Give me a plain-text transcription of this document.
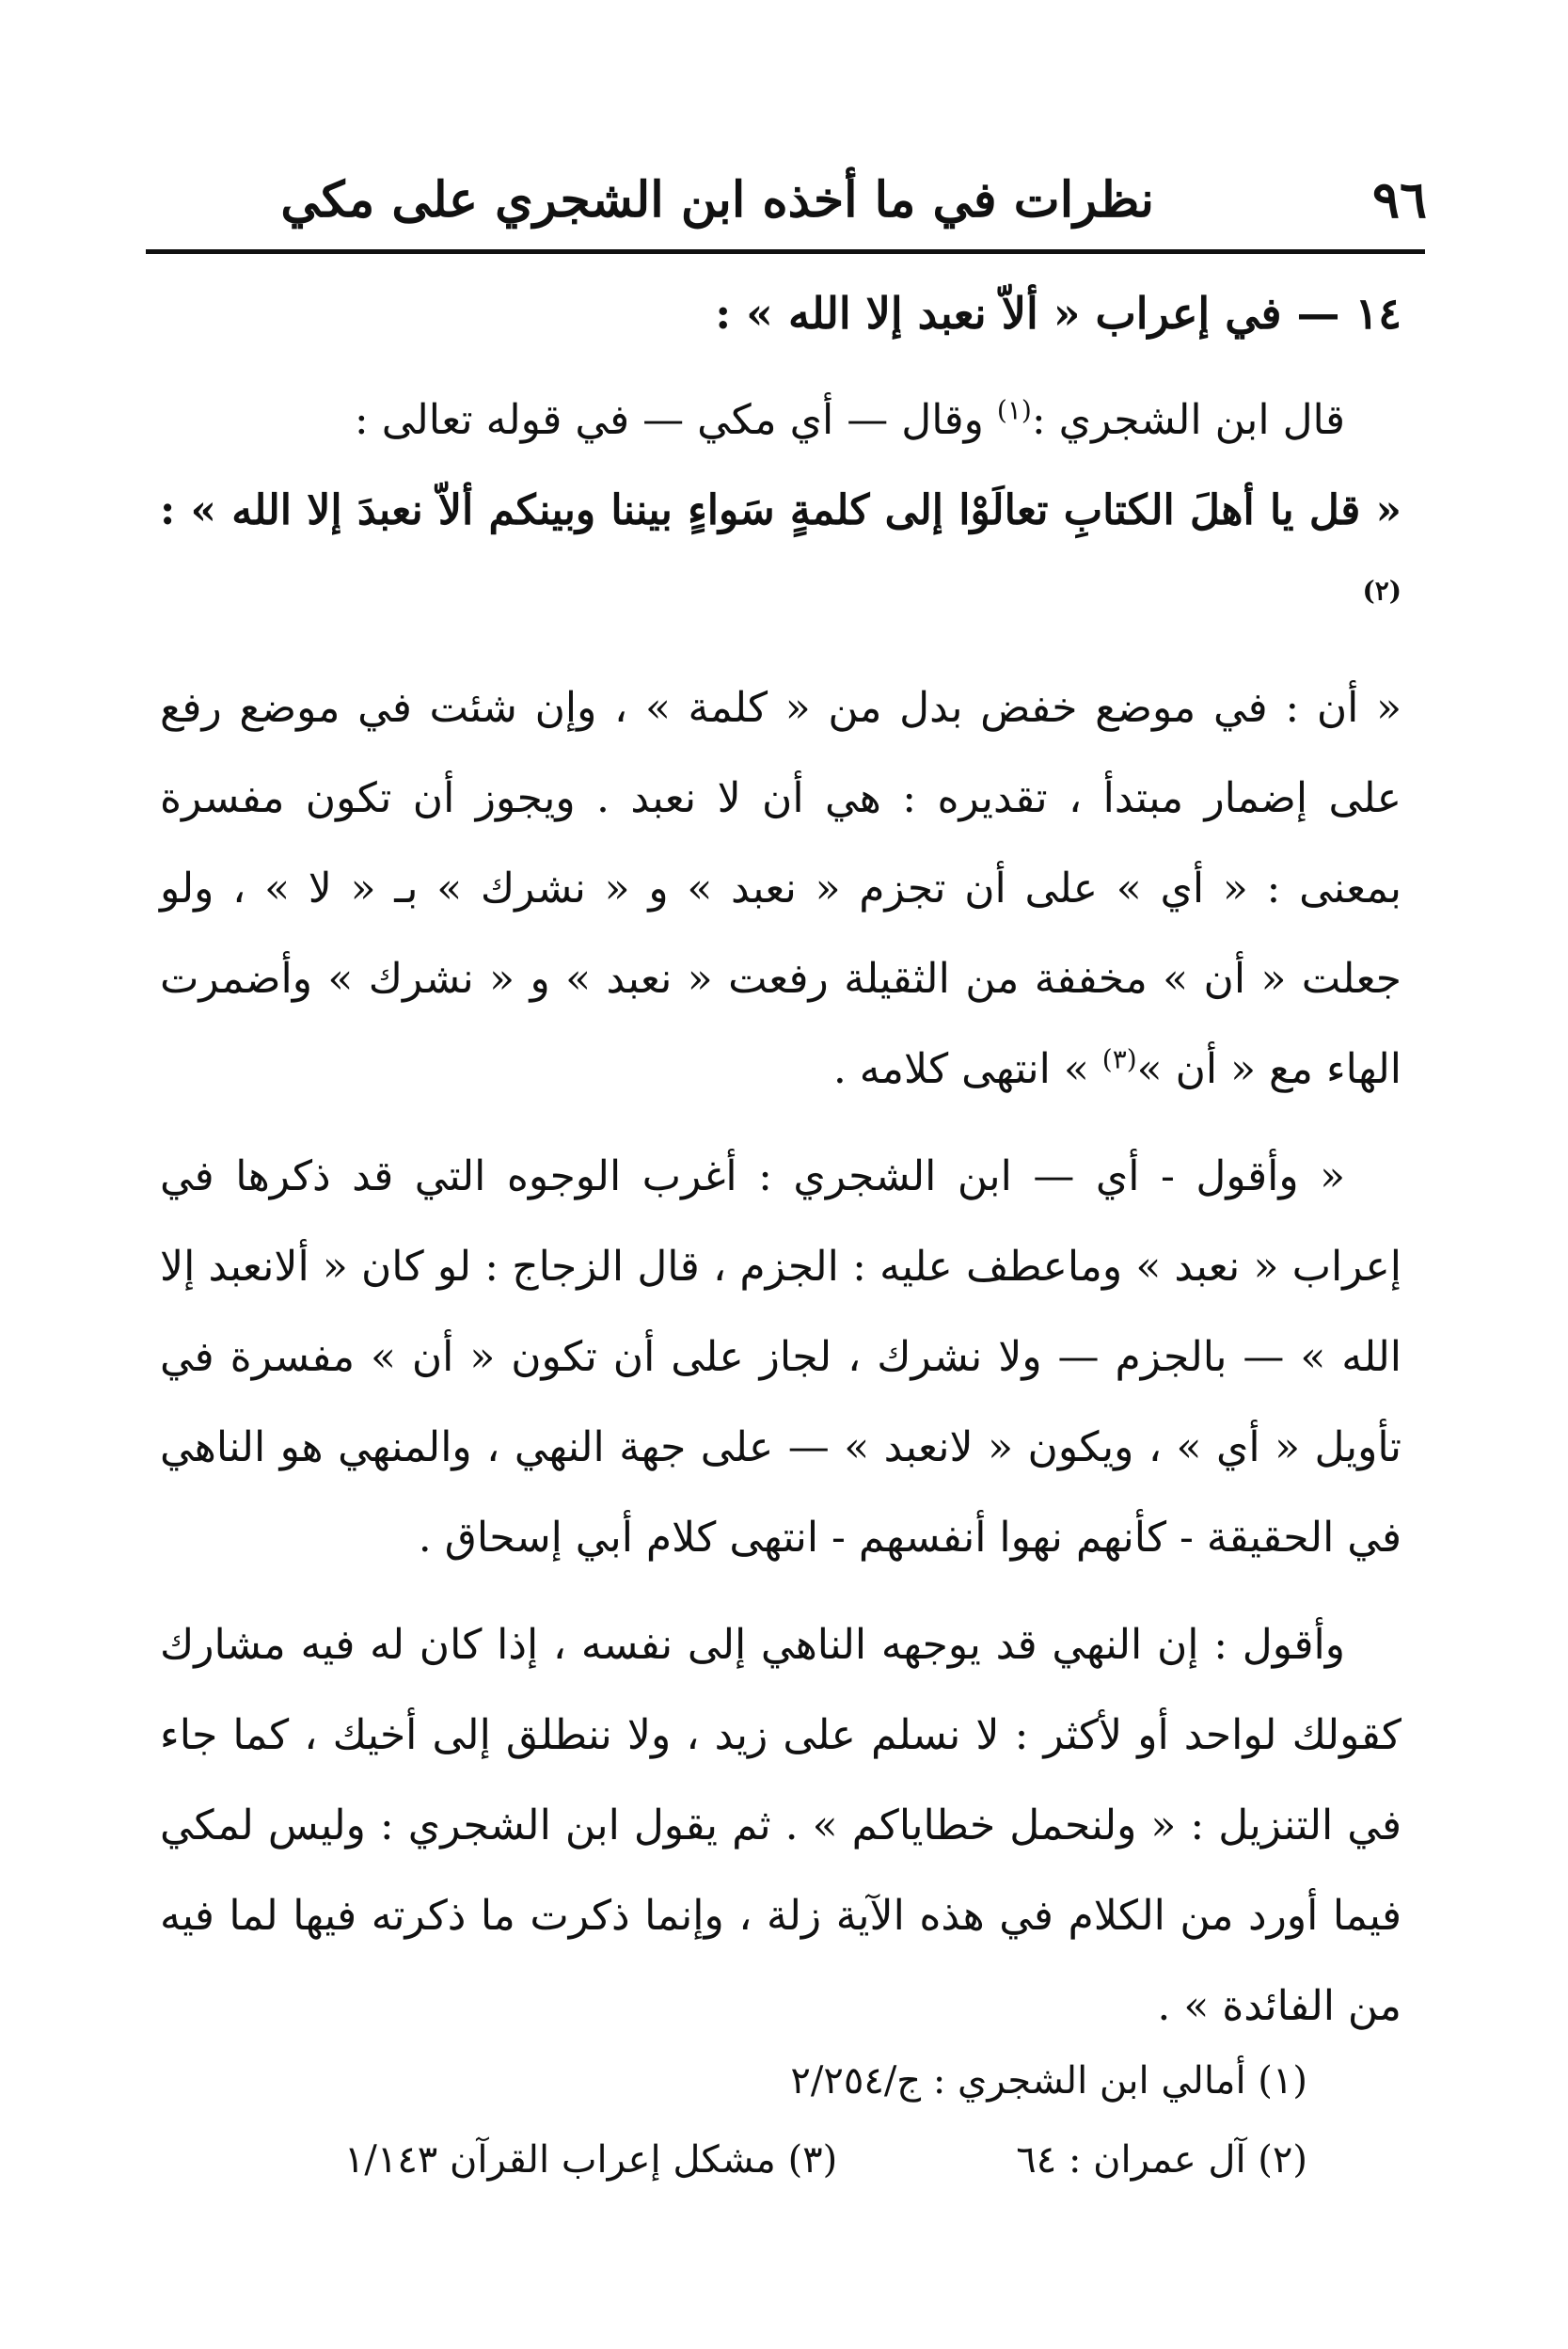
٩٦
نظرات في ما أخذه ابن الشجري على مكي

١٤ — في إعراب « ألاّ نعبد إلا الله » :

قال ابن الشجري :$^{(١)}$ وقال — أي مكي — في قوله تعالى :

« قل يا أهلَ الكتابِ تعالَوْا إلى كلمةٍ سَواءٍ بيننا وبينكم ألاّ نعبدَ إلا الله » :$^{(٢)}$

« أن : في موضع خفض بدل من « كلمة » ، وإن شئت في موضع رفع على إضمار مبتدأ ، تقديره : هي أن لا نعبد . ويجوز أن تكون مفسرة بمعنى : « أي » على أن تجزم « نعبد » و « نشرك » بـ « لا » ، ولو جعلت « أن » مخففة من الثقيلة رفعت « نعبد » و « نشرك » وأضمرت الهاء مع « أن »$^{(٣)}$ » انتهى كلامه .

« وأقول - أي — ابن الشجري : أغرب الوجوه التي قد ذكرها في إعراب « نعبد » وماعطف عليه : الجزم ، قال الزجاج : لو كان « ألانعبد إلا الله » — بالجزم — ولا نشرك ، لجاز على أن تكون « أن » مفسرة في تأويل « أي » ، ويكون « لانعبد » — على جهة النهي ، والمنهي هو الناهي في الحقيقة - كأنهم نهوا أنفسهم - انتهى كلام أبي إسحاق .

وأقول : إن النهي قد يوجهه الناهي إلى نفسه ، إذا كان له فيه مشارك كقولك لواحد أو لأكثر : لا نسلم على زيد ، ولا ننطلق إلى أخيك ، كما جاء في التنزيل : « ولنحمل خطاياكم » . ثم يقول ابن الشجري : وليس لمكي فيما أورد من الكلام في هذه الآية زلة ، وإنما ذكرت ما ذكرته فيها لما فيه من الفائدة » .

(١) أمالي ابن الشجري : ج/٢/٢٥٤
(٢) آل عمران : ٦٤
(٣) مشكل إعراب القرآن ١/١٤٣
